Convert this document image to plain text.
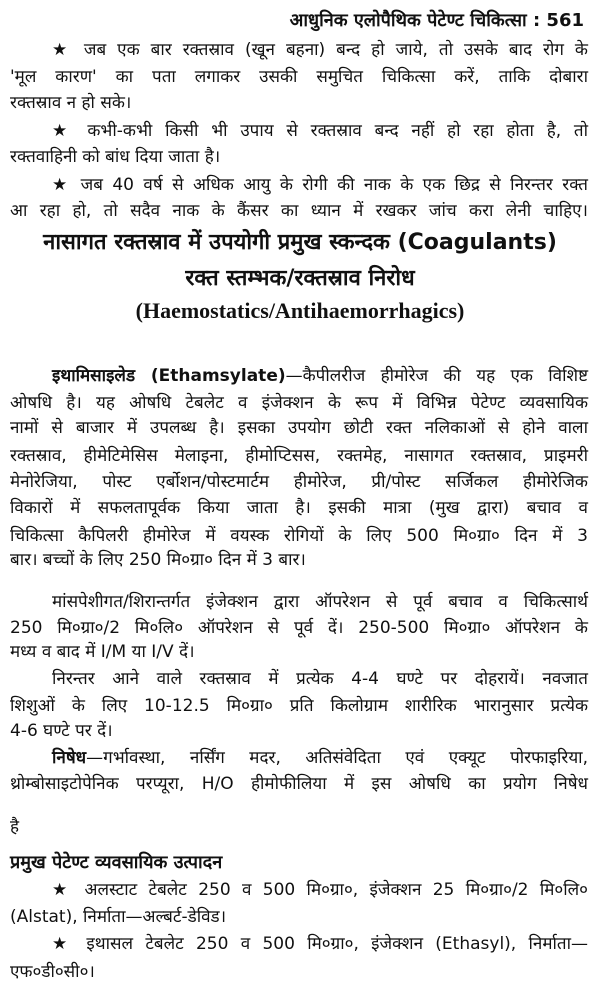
आधुनिक एलोपैथिक पेटेण्ट चिकित्सा : 561
★ जब एक बार रक्तस्राव (खून बहना) बन्द हो जाये, तो उसके बाद रोग के
'मूल कारण' का पता लगाकर उसकी समुचित चिकित्सा करें, ताकि दोबारा
रक्तस्राव न हो सके।
★ कभी-कभी किसी भी उपाय से रक्तस्राव बन्द नहीं हो रहा होता है, तो
रक्तवाहिनी को बांध दिया जाता है।
★ जब 40 वर्ष से अधिक आयु के रोगी की नाक के एक छिद्र से निरन्तर रक्त
आ रहा हो, तो सदैव नाक के कैंसर का ध्यान में रखकर जांच करा लेनी चाहिए।
नासागत रक्तस्राव में उपयोगी प्रमुख स्कन्दक (Coagulants)
रक्त स्तम्भक/रक्तस्राव निरोध
(Haemostatics/Antihaemorrhagics)
इथामिसाइलेड (Ethamsylate)—कैपीलरीज हीमोरेज की यह एक विशिष्ट
ओषधि है। यह ओषधि टेबलेट व इंजेक्शन के रूप में विभिन्न पेटेण्ट व्यवसायिक
नामों से बाजार में उपलब्ध है। इसका उपयोग छोटी रक्त नलिकाओं से होने वाला
रक्तस्राव, हीमेटिमेसिस मेलाइना, हीमोप्टिसस, रक्तमेह, नासागत रक्तस्राव, प्राइमरी
मेनोरेजिया, पोस्ट एर्बोशन/पोस्टमार्टम हीमोरेज, प्री/पोस्ट सर्जिकल हीमोरेजिक
विकारों में सफलतापूर्वक किया जाता है। इसकी मात्रा (मुख द्वारा) बचाव व
चिकित्सा कैपिलरी हीमोरेज में वयस्क रोगियों के लिए 500 मि०ग्रा० दिन में 3
बार। बच्चों के लिए 250 मि०ग्रा० दिन में 3 बार।
मांसपेशीगत/शिरान्तर्गत इंजेक्शन द्वारा ऑपरेशन से पूर्व बचाव व चिकित्सार्थ
250 मि०ग्रा०/2 मि०लि० ऑपरेशन से पूर्व दें। 250-500 मि०ग्रा० ऑपरेशन के
मध्य व बाद में I/M या I/V दें।
निरन्तर आने वाले रक्तस्राव में प्रत्येक 4-4 घण्टे पर दोहरायें। नवजात
शिशुओं के लिए 10-12.5 मि०ग्रा० प्रति किलोग्राम शारीरिक भारानुसार प्रत्येक
4-6 घण्टे पर दें।
निषेध—गर्भावस्था, नर्सिंग मदर, अतिसंवेदिता एवं एक्यूट पोरफाइरिया,
थ्रोम्बोसाइटोपेनिक परप्यूरा, H/O हीमोफीलिया में इस ओषधि का प्रयोग निषेध
है
प्रमुख पेटेण्ट व्यवसायिक उत्पादन
★ अलस्टाट टेबलेट 250 व 500 मि०ग्रा०, इंजेक्शन 25 मि०ग्रा०/2 मि०लि०
(Alstat), निर्माता—अल्बर्ट-डेविड।
★ इथासल टेबलेट 250 व 500 मि०ग्रा०, इंजेक्शन (Ethasyl), निर्माता—
एफ०डी०सी०।
